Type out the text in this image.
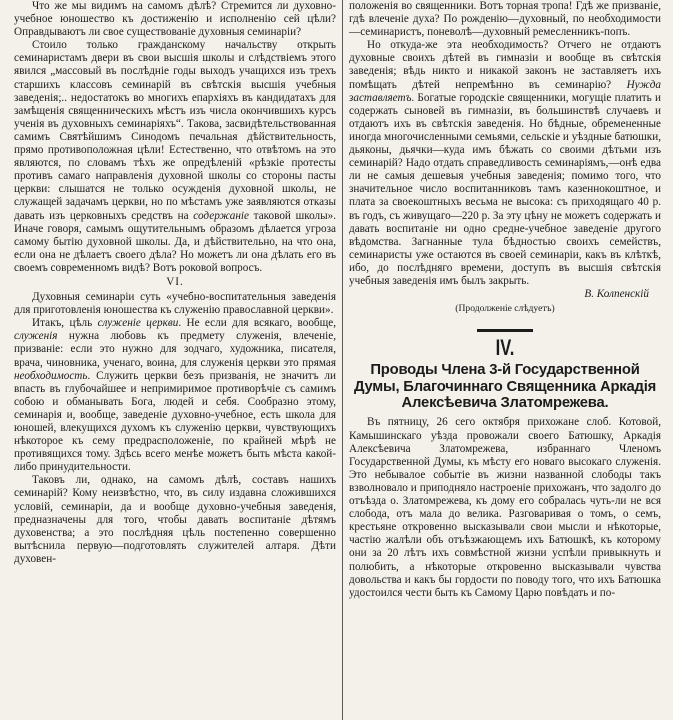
Что же мы видимъ на самомъ дѣлѣ? Стремится ли духовно-учебное юношество къ достиженію и исполненію сей цѣли? Оправдываютъ ли свое существованіе духовныя семинаріи?

Стоило только гражданскому начальству открыть семинаристамъ двери въ свои высшія школы и слѣдствіемъ этого явился „массовый въ послѣдніе годы выходъ учащихся изъ трехъ старшихъ классовъ семинарій въ свѣтскія высшія учебныя заведенія;.. недостатокъ во многихъ епархіяхъ въ кандидатахъ для замѣщенія священническихъ мѣстъ изъ числа окончившихъ курсъ ученія въ духовныхъ семинаріяхъ“. Такова, засвидѣтельствованная самимъ Святѣйшимъ Синодомъ печальная дѣйствительность, прямо противоположная цѣли! Естественно, что отвѣтомъ на это являются, по словамъ тѣхъ же опредѣленій «рѣзкіе протесты противъ самаго направленія духовной школы со стороны пасты церкви: слышатся не только осужденія духовной школы, не служащей задачамъ церкви, но по мѣстамъ уже заявляются отказы давать изъ церковныхъ средствъ на содержаніе таковой школы». Иначе говоря, самымъ ощутительнымъ образомъ дѣлается угроза самому бытію духовной школы. Да, и дѣйствительно, на что она, если она не дѣлаетъ своего дѣла? Но можетъ ли она дѣлать его въ своемъ современномъ видѣ? Вотъ роковой вопросъ.

VI.

Духовныя семинаріи суть «учебно-воспитательныя заведенія для приготовленія юношества къ служенію православной церкви».

Итакъ, цѣль служеніе церкви. Не если для всякаго, вообще, служенія нужна любовь къ предмету служенія, влеченіе, призваніе: если это нужно для зодчаго, художника, писателя, врача, чиновника, ученаго, воина, для служенія церкви это прямая необходимость. Служить церкви безъ призванія, не значитъ ли впасть въ глубочайшее и непримиримое противорѣчіе съ самимъ собою и обманывать Бога, людей и себя. Сообразно этому, семинарія и, вообще, заведеніе духовно-учебное, есть школа для юношей, влекущихся духомъ къ служенію церкви, чувствующихъ нѣкоторое къ сему предрасположеніе, по крайней мѣрѣ не противящихся тому. Здѣсь всего менѣе можетъ быть мѣста какой-либо принудительности.

Таковъ ли, однако, на самомъ дѣлѣ, составъ нашихъ семинарій? Кому неизвѣстно, что, въ силу издавна сложившихся условій, семинаріи, да и вообще духовно-учебныя заведенія, предназначены для того, чтобы давать воспитаніе дѣтямъ духовенства; а это послѣдняя цѣль постепенно совершенно вытѣснила первую—подготовлять служителей алтаря. Дѣти духовен-

положенія во священники. Вотъ торная тропа! Гдѣ же призваніе, гдѣ влеченіе духа? По рожденію—духовный, по необходимости—семинаристъ, поневолѣ—духовный ремесленникъ-попъ.

Но откуда-же эта необходимость? Отчего не отдаютъ духовные своихъ дѣтей въ гимназіи и вообще въ свѣтскія заведенія; вѣдь никто и никакой законъ не заставляетъ ихъ помѣщать дѣтей непремѣнно въ семинарію? Нужда заставляетъ. Богатые городскіе священники, могущіе платить и содержать сыновей въ гимназіи, въ большинствѣ случаевъ и отдаютъ ихъ въ свѣтскія заведенія. Но бѣдные, обремененные иногда многочисленными семьями, сельскіе и уѣздные батюшки, дьяконы, дьячки—куда имъ бѣжать со своими дѣтьми изъ семинарій? Надо отдать справедливость семинаріямъ,—онѣ едва ли не самыя дешевыя учебныя заведенія; помимо того, что значительное число воспитанниковъ тамъ казеннокоштное, и плата за своекоштныхъ весьма не высока: съ приходящаго 40 р. въ годъ, съ живущаго—220 р. За эту цѣну не можетъ содержать и давать воспитаніе ни одно средне-учебное заведеніе другого вѣдомства. Загнанные тула бѣдностью своихъ семействъ, семинаристы уже остаются въ своей семинаріи, какъ въ клѣткѣ, ибо, до послѣдняго времени, доступъ въ высшія свѣтскія учебныя заведенія имъ былъ закрыть.

В. Колпенскій

(Продолженіе слѣдуетъ)

IV.

Проводы Члена 3-й Государственной Думы, Благочиннаго Священника Аркадія Алексѣевича Златомрежева.

Въ пятницу, 26 сего октября прихожане слоб. Котовой, Камышинскаго уѣзда провожали своего Батюшку, Аркадія Алексѣевича Златомрежева, избраннаго Членомъ Государственной Думы, къ мѣсту его новаго высокаго служенія. Это небывалое событіе въ жизни названной слободы такъ взволновало и приподняло настроеніе прихожанъ, что задолго до отъѣзда о. Златомрежева, къ дому его собралась чуть-ли не вся слобода, отъ мала до велика. Разговаривая о томъ, о семъ, крестьяне откровенно высказывали свои мысли и нѣкоторые, частію жалѣли объ отъѣзжающемъ ихъ Батюшкѣ, къ которому они за 20 лѣтъ ихъ совмѣстной жизни успѣли привыкнуть и полюбить, а нѣкоторые откровенно высказывали чувства довольства и какъ бы гордости по поводу того, что ихъ Батюшка удостоился чести быть къ Самому Царю повѣдать и по-
